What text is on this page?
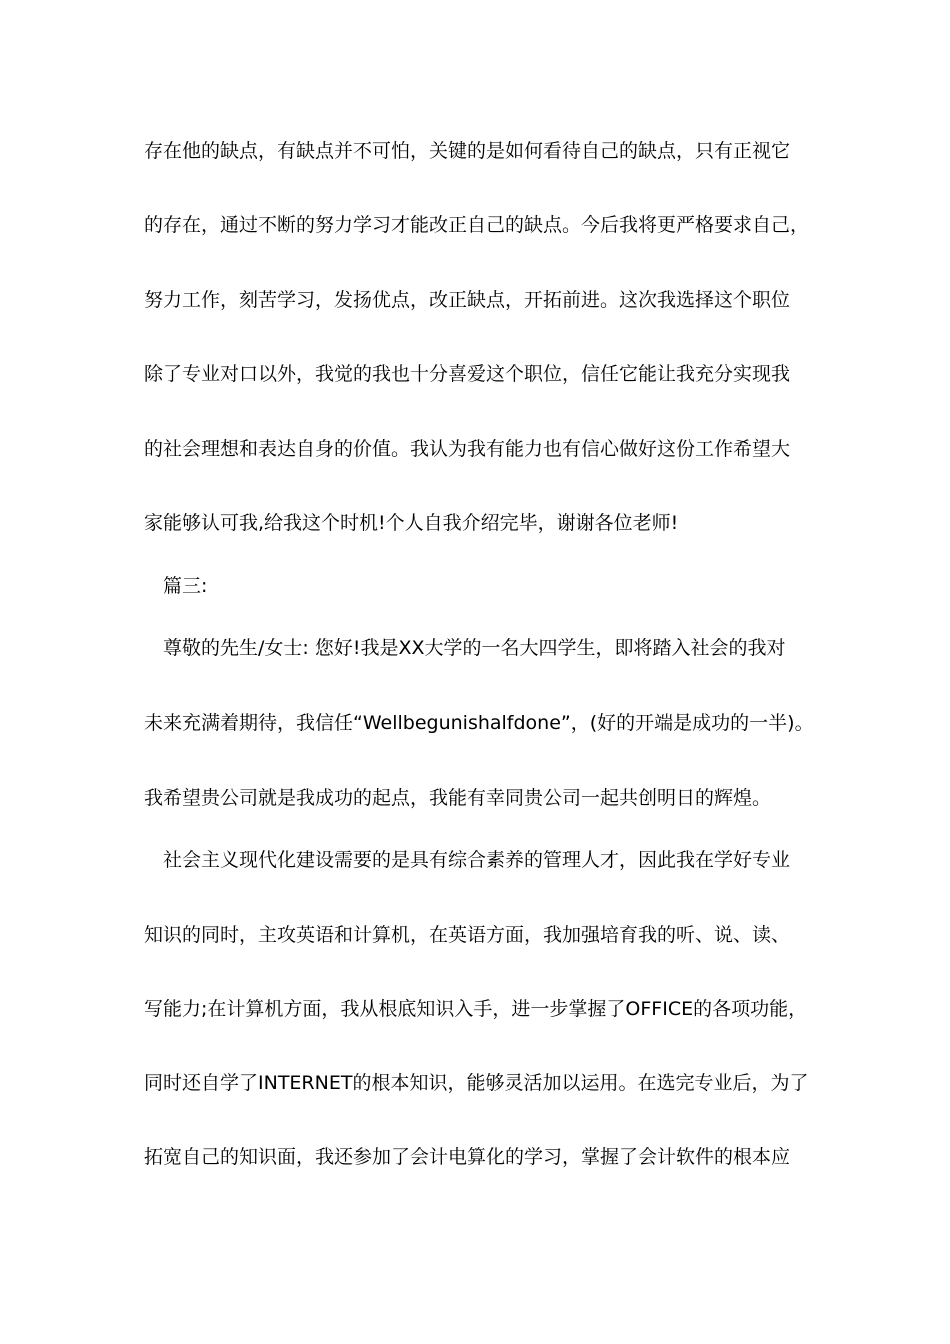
存在他的缺点，有缺点并不可怕，关键的是如何看待自己的缺点，只有正视它
的存在，通过不断的努力学习才能改正自己的缺点。今后我将更严格要求自己，
努力工作，刻苦学习，发扬优点，改正缺点，开拓前进。这次我选择这个职位
除了专业对口以外，我觉的我也十分喜爱这个职位，信任它能让我充分实现我
的社会理想和表达自身的价值。我认为我有能力也有信心做好这份工作希望大
家能够认可我,给我这个时机!个人自我介绍完毕，谢谢各位老师!
篇三:
尊敬的先生/女士: 您好!我是XX大学的一名大四学生，即将踏入社会的我对
未来充满着期待，我信任“Wellbegunishalfdone”，(好的开端是成功的一半)。
我希望贵公司就是我成功的起点，我能有幸同贵公司一起共创明日的辉煌。
社会主义现代化建设需要的是具有综合素养的管理人才，因此我在学好专业
知识的同时，主攻英语和计算机，在英语方面，我加强培育我的听、说、读、
写能力;在计算机方面，我从根底知识入手，进一步掌握了OFFICE的各项功能，
同时还自学了INTERNET的根本知识，能够灵活加以运用。在选完专业后，为了
拓宽自己的知识面，我还参加了会计电算化的学习，掌握了会计软件的根本应
